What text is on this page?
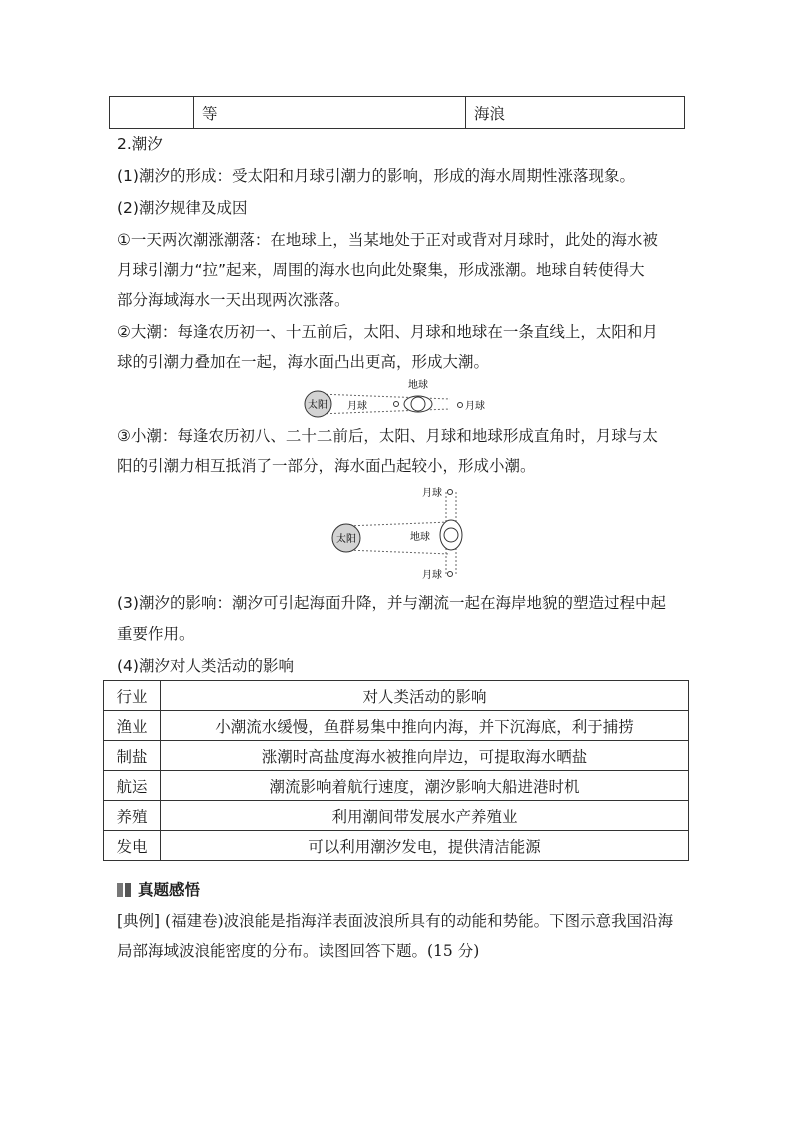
	等	海浪
2.潮汐
(1)潮汐的形成：受太阳和月球引潮力的影响，形成的海水周期性涨落现象。
(2)潮汐规律及成因
①一天两次潮涨潮落：在地球上，当某地处于正对或背对月球时，此处的海水被
月球引潮力“拉”起来，周围的海水也向此处聚集，形成涨潮。地球自转使得大
部分海域海水一天出现两次涨落。
②大潮：每逢农历初一、十五前后，太阳、月球和地球在一条直线上，太阳和月
球的引潮力叠加在一起，海水面凸出更高，形成大潮。
太阳 月球
地球
月球
③小潮：每逢农历初八、二十二前后，太阳、月球和地球形成直角时，月球与太
阳的引潮力相互抵消了一部分，海水面凸起较小，形成小潮。
太阳	地球
月球
月球
(3)潮汐的影响：潮汐可引起海面升降，并与潮流一起在海岸地貌的塑造过程中起
重要作用。
(4)潮汐对人类活动的影响
行业	对人类活动的影响
渔业	小潮流水缓慢，鱼群易集中推向内海，并下沉海底，利于捕捞
制盐	涨潮时高盐度海水被推向岸边，可提取海水晒盐
航运	潮流影响着航行速度，潮汐影响大船进港时机
养殖	利用潮间带发展水产养殖业
发电	可以利用潮汐发电，提供清洁能源
真题感悟
[典例] (福建卷)波浪能是指海洋表面波浪所具有的动能和势能。下图示意我国沿海
局部海域波浪能密度的分布。读图回答下题。(15 分)
